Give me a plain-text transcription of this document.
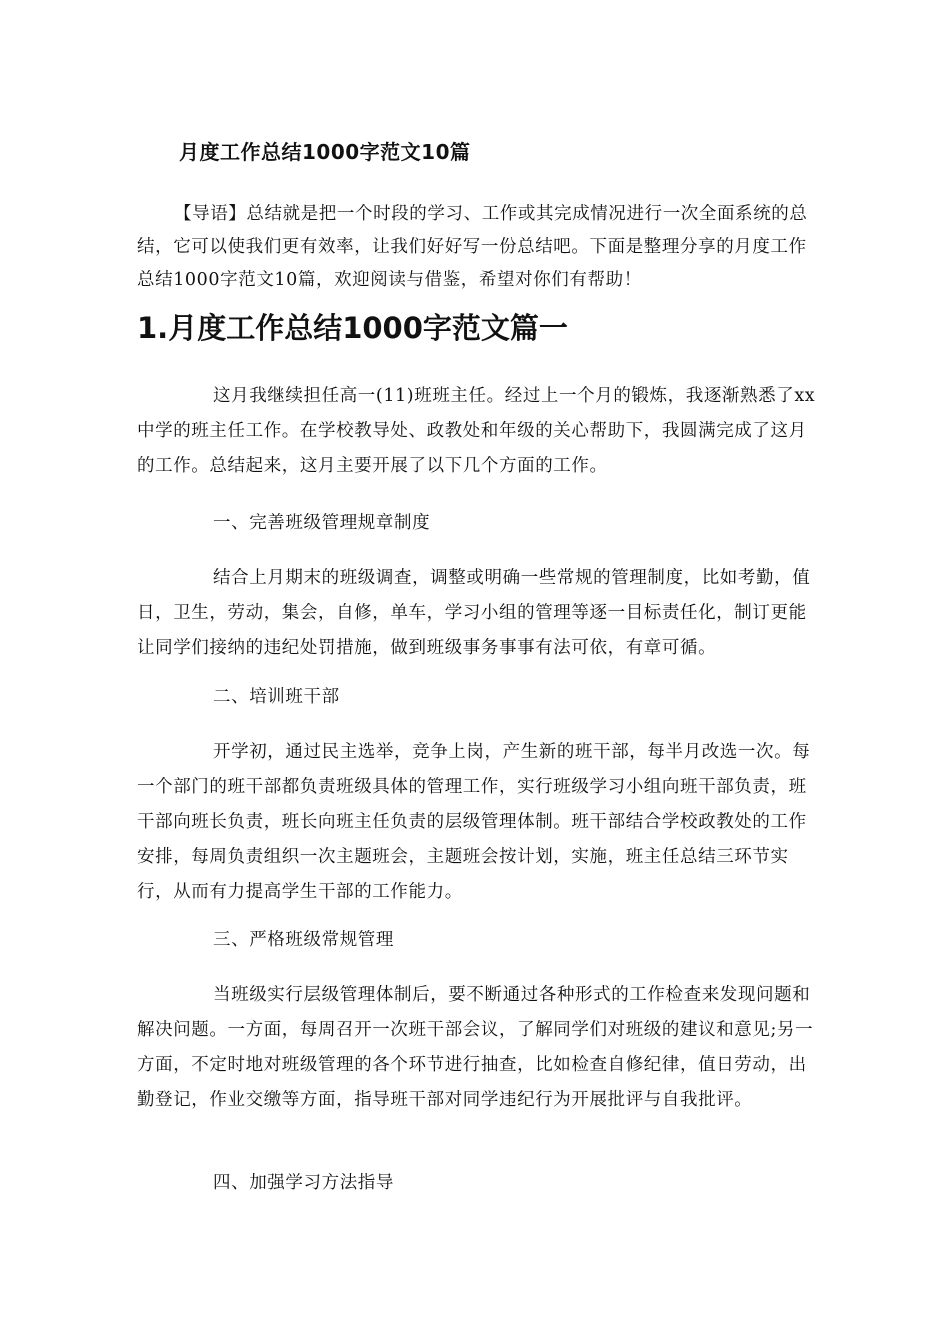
月度工作总结1000字范文10篇

【导语】总结就是把一个时段的学习、工作或其完成情况进行一次全面系统的总结，它可以使我们更有效率，让我们好好写一份总结吧。下面是整理分享的月度工作总结1000字范文10篇，欢迎阅读与借鉴，希望对你们有帮助！

1.月度工作总结1000字范文篇一

这月我继续担任高一(11)班班主任。经过上一个月的锻炼，我逐渐熟悉了xx中学的班主任工作。在学校教导处、政教处和年级的关心帮助下，我圆满完成了这月的工作。总结起来，这月主要开展了以下几个方面的工作。

一、完善班级管理规章制度

结合上月期末的班级调查，调整或明确一些常规的管理制度，比如考勤，值日，卫生，劳动，集会，自修，单车，学习小组的管理等逐一目标责任化，制订更能让同学们接纳的违纪处罚措施，做到班级事务事事有法可依，有章可循。

二、培训班干部

开学初，通过民主选举，竞争上岗，产生新的班干部，每半月改选一次。每一个部门的班干部都负责班级具体的管理工作，实行班级学习小组向班干部负责，班干部向班长负责，班长向班主任负责的层级管理体制。班干部结合学校政教处的工作安排，每周负责组织一次主题班会，主题班会按计划，实施，班主任总结三环节实行，从而有力提高学生干部的工作能力。

三、严格班级常规管理

当班级实行层级管理体制后，要不断通过各种形式的工作检查来发现问题和解决问题。一方面，每周召开一次班干部会议，了解同学们对班级的建议和意见;另一方面，不定时地对班级管理的各个环节进行抽查，比如检查自修纪律，值日劳动，出勤登记，作业交缴等方面，指导班干部对同学违纪行为开展批评与自我批评。

四、加强学习方法指导
